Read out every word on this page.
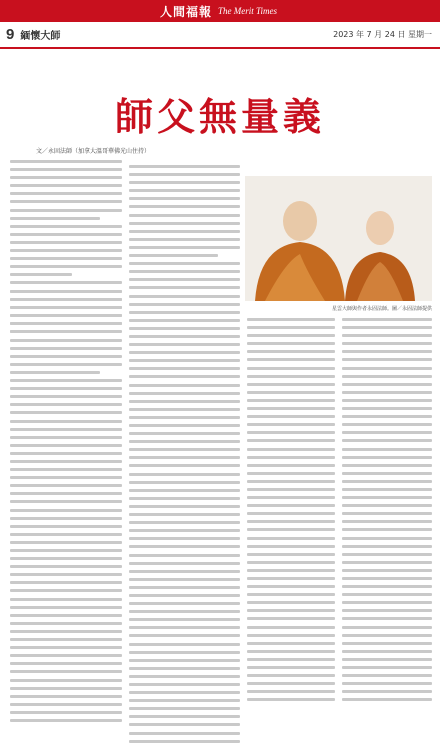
人間福報 The Merit Times
9 緬懷大師	2023 年 7 月 24 日 星期一
師父無量義
文／永固法師（加拿大溫哥華佛光山住持）
星雲大師與作者永固法師。圖／永固法師提供
